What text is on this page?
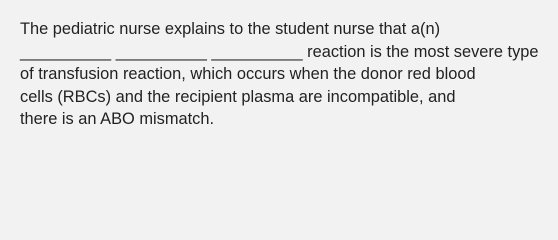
The pediatric nurse explains to the student nurse that a(n)
__________ __________ __________ reaction is the most severe type
of transfusion reaction, which occurs when the donor red blood
cells (RBCs) and the recipient plasma are incompatible, and
there is an ABO mismatch.
